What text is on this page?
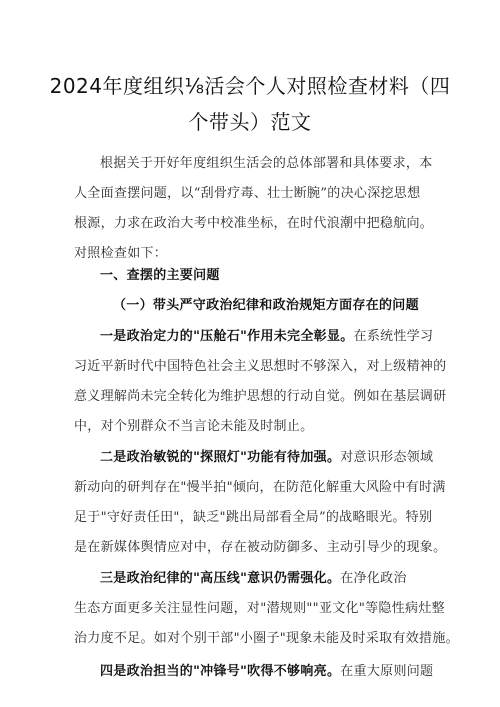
2024年度组织⅛活会个人对照检查材料（四
个带头）范文
根据关于开好年度组织生活会的总体部署和具体要求，本
人全面查摆问题，以“刮骨疗毒、壮士断腕”的决心深挖思想
根源，力求在政治大考中校准坐标，在时代浪潮中把稳航向。
对照检查如下：
一、查摆的主要问题
（一）带头严守政治纪律和政治规矩方面存在的问题
一是政治定力的"压舱石"作用未完全彰显。在系统性学习
习近平新时代中国特色社会主义思想时不够深入，对上级精神的
意义理解尚未完全转化为维护思想的行动自觉。例如在基层调研
中，对个别群众不当言论未能及时制止。
二是政治敏锐的"探照灯"功能有待加强。对意识形态领域
新动向的研判存在"慢半拍"倾向，在防范化解重大风险中有时满
足于"守好责任田"，缺乏"跳出局部看全局”的战略眼光。特别
是在新媒体舆情应对中，存在被动防御多、主动引导少的现象。
三是政治纪律的"高压线"意识仍需强化。在净化政治
生态方面更多关注显性问题，对"潜规则""亚文化"等隐性病灶整
治力度不足。如对个别干部"小圈子"现象未能及时采取有效措施。
四是政治担当的"冲锋号"吹得不够响亮。在重大原则问题
